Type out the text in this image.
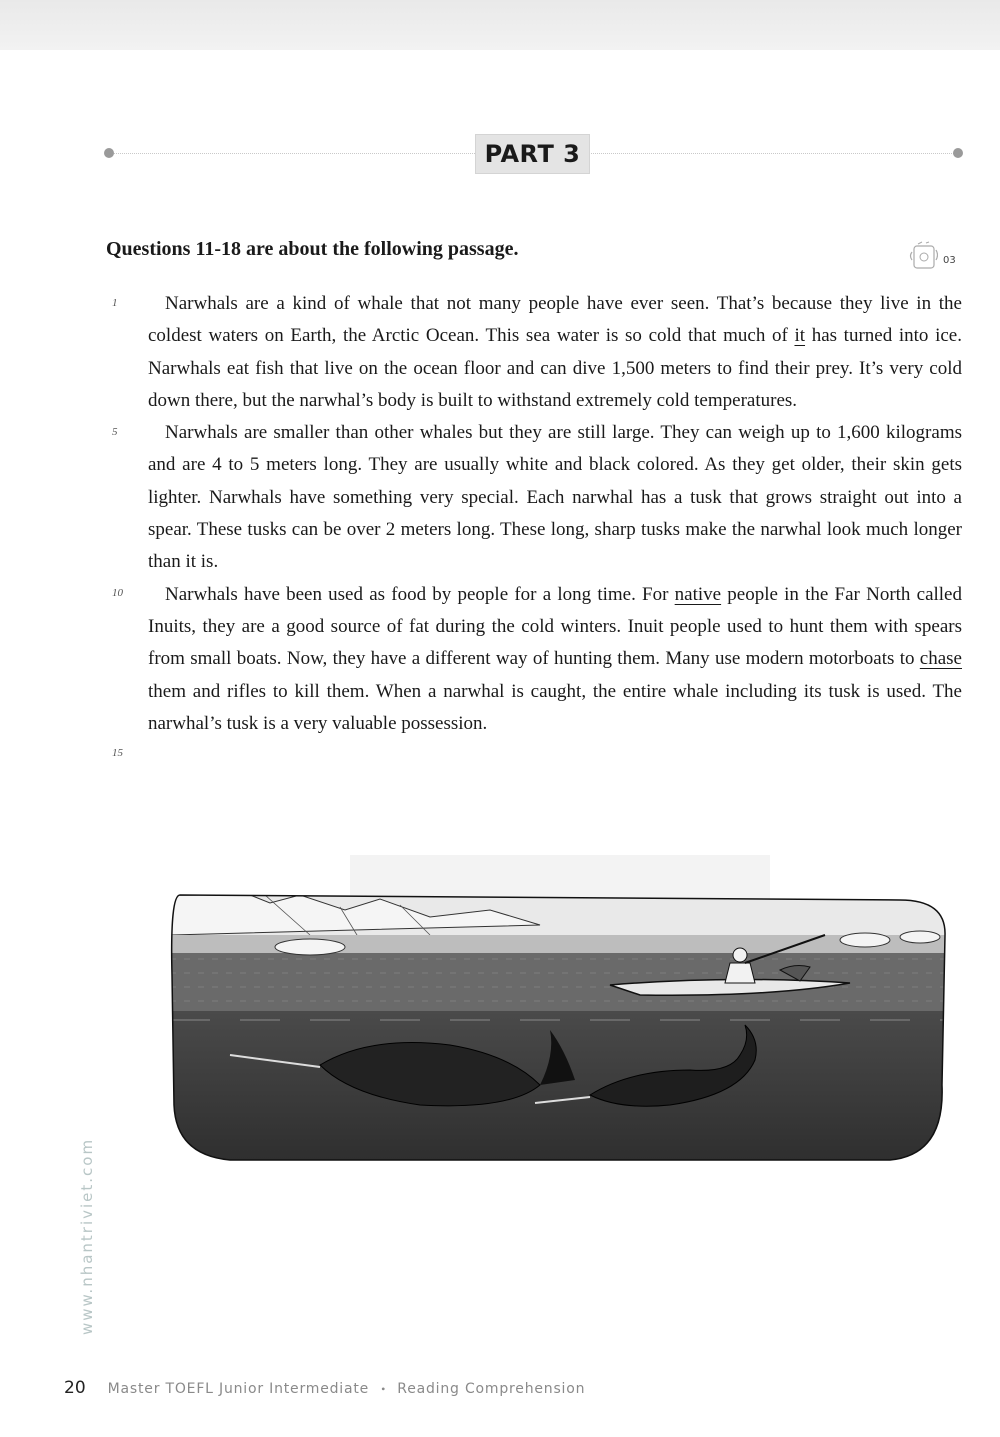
PART 3
Questions 11-18 are about the following passage.
03
1
5
10
15

Narwhals are a kind of whale that not many people have ever seen. That’s because they live in the coldest waters on Earth, the Arctic Ocean. This sea water is so cold that much of it has turned into ice. Narwhals eat fish that live on the ocean floor and can dive 1,500 meters to find their prey. It’s very cold down there, but the narwhal’s body is built to withstand extremely cold temperatures.

Narwhals are smaller than other whales but they are still large. They can weigh up to 1,600 kilograms and are 4 to 5 meters long. They are usually white and black colored. As they get older, their skin gets lighter. Narwhals have something very special. Each narwhal has a tusk that grows straight out into a spear. These tusks can be over 2 meters long. These long, sharp tusks make the narwhal look much longer than it is.

Narwhals have been used as food by people for a long time. For native people in the Far North called Inuits, they are a good source of fat during the cold winters. Inuit people used to hunt them with spears from small boats. Now, they have a different way of hunting them. Many use modern motorboats to chase them and rifles to kill them. When a narwhal is caught, the entire whale including its tusk is used. The narwhal’s tusk is a very valuable possession.

www.nhantriviet.com
20 Master TOEFL Junior Intermediate • Reading Comprehension
